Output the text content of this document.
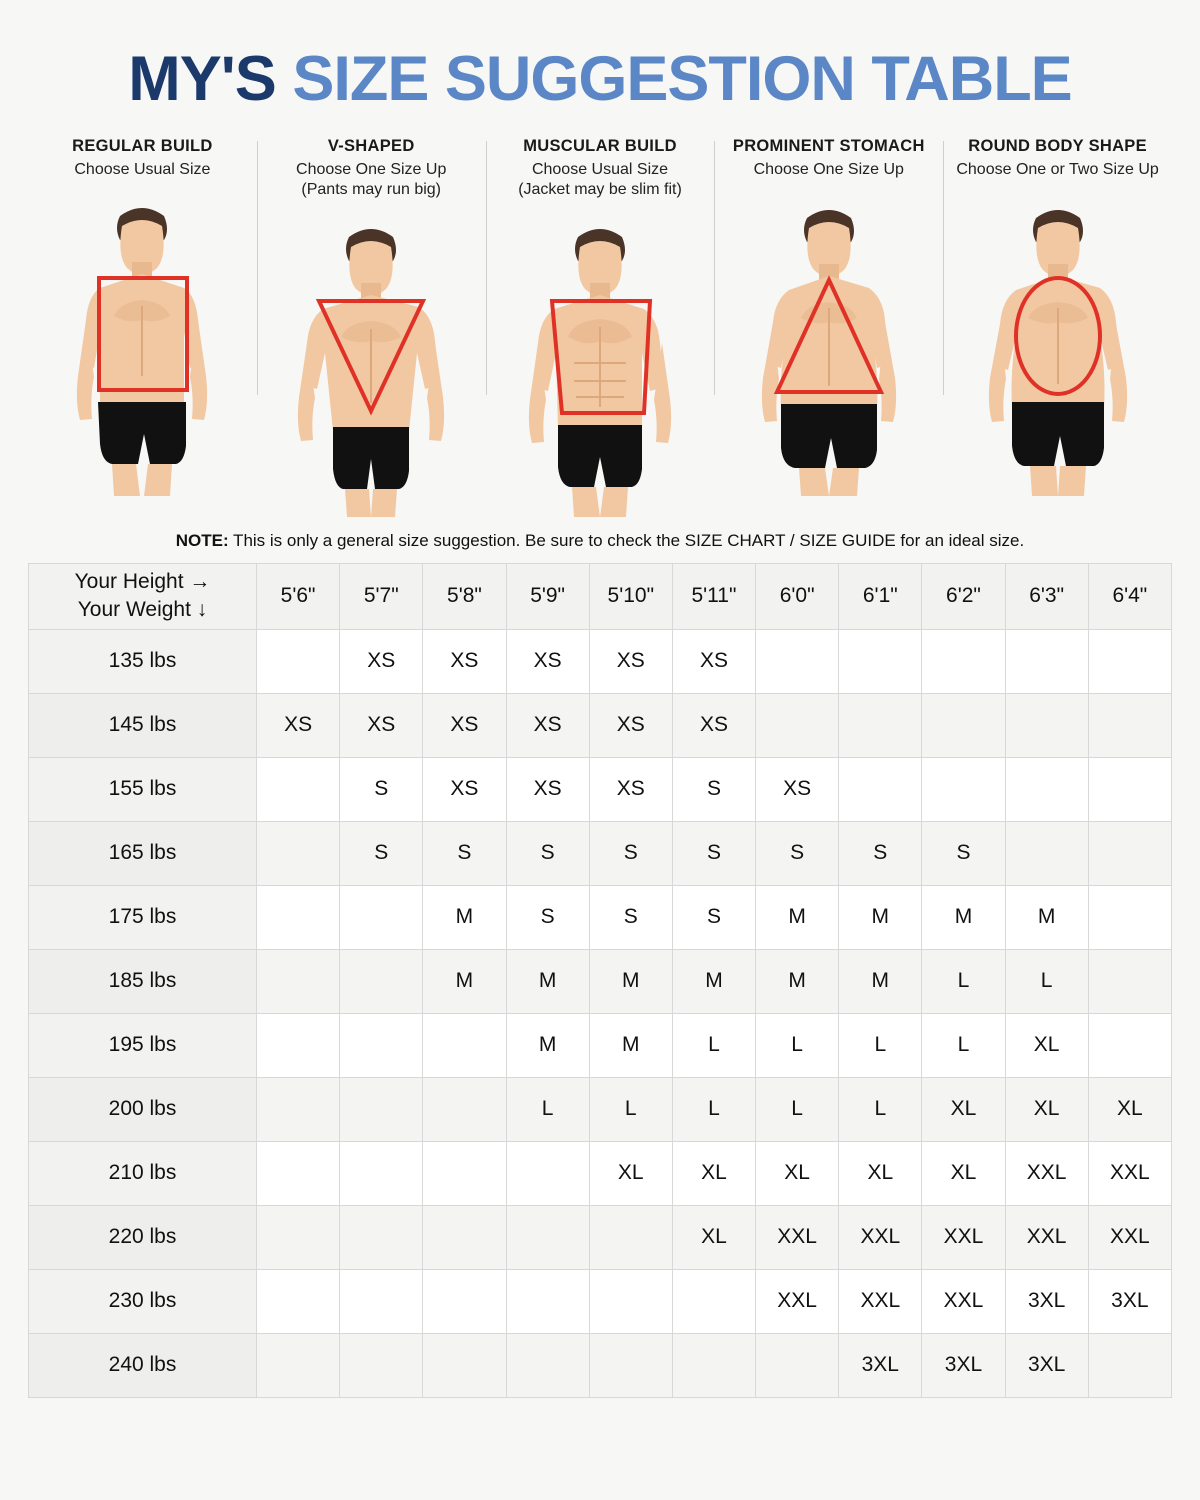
MY'S SIZE SUGGESTION TABLE
REGULAR BUILD
Choose Usual Size
V-SHAPED
Choose One Size Up
(Pants may run big)
MUSCULAR BUILD
Choose Usual Size
(Jacket may be slim fit)
PROMINENT STOMACH
Choose One Size Up
ROUND BODY SHAPE
Choose One or Two Size Up
NOTE: This is only a general size suggestion. Be sure to check the SIZE CHART / SIZE GUIDE for an ideal size.
Your Height →
Your Weight ↓	5'6"	5'7"	5'8"	5'9"	5'10"	5'11"	6'0"	6'1"	6'2"	6'3"	6'4"
135 lbs		XS	XS	XS	XS	XS					
145 lbs	XS	XS	XS	XS	XS	XS					
155 lbs		S	XS	XS	XS	S	XS				
165 lbs		S	S	S	S	S	S	S	S		
175 lbs			M	S	S	S	M	M	M	M	
185 lbs			M	M	M	M	M	M	L	L	
195 lbs				M	M	L	L	L	L	XL	
200 lbs				L	L	L	L	L	XL	XL	XL
210 lbs					XL	XL	XL	XL	XL	XXL	XXL
220 lbs						XL	XXL	XXL	XXL	XXL	XXL
230 lbs							XXL	XXL	XXL	3XL	3XL
240 lbs								3XL	3XL	3XL	
